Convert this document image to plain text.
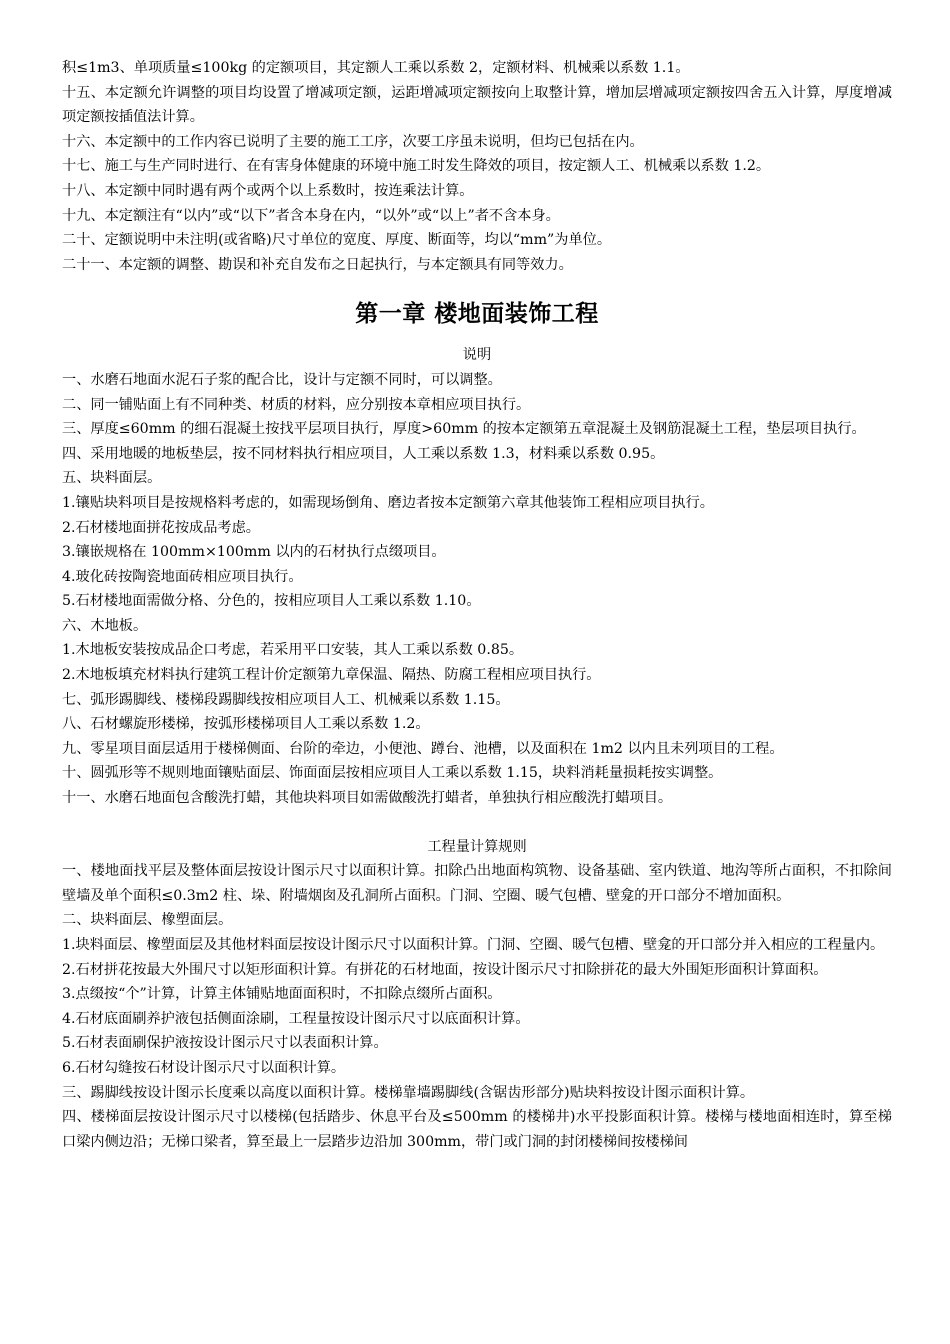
积≤1m3、单项质量≤100kg 的定额项目，其定额人工乘以系数 2，定额材料、机械乘以系数 1.1。

十五、本定额允许调整的项目均设置了增减项定额，运距增减项定额按向上取整计算，增加层增减项定额按四舍五入计算，厚度增减项定额按插值法计算。

十六、本定额中的工作内容已说明了主要的施工工序，次要工序虽未说明，但均已包括在内。

十七、施工与生产同时进行、在有害身体健康的环境中施工时发生降效的项目，按定额人工、机械乘以系数 1.2。

十八、本定额中同时遇有两个或两个以上系数时，按连乘法计算。

十九、本定额注有“以内”或“以下”者含本身在内，“以外”或“以上”者不含本身。

二十、定额说明中未注明(或省略)尺寸单位的宽度、厚度、断面等，均以“mm”为单位。

二十一、本定额的调整、勘误和补充自发布之日起执行，与本定额具有同等效力。

第一章 楼地面装饰工程

说明

一、水磨石地面水泥石子浆的配合比，设计与定额不同时，可以调整。

二、同一铺贴面上有不同种类、材质的材料，应分别按本章相应项目执行。

三、厚度≤60mm 的细石混凝土按找平层项目执行，厚度>60mm 的按本定额第五章混凝土及钢筋混凝土工程，垫层项目执行。

四、采用地暖的地板垫层，按不同材料执行相应项目，人工乘以系数 1.3，材料乘以系数 0.95。

五、块料面层。

1.镶贴块料项目是按规格料考虑的，如需现场倒角、磨边者按本定额第六章其他装饰工程相应项目执行。

2.石材楼地面拼花按成品考虑。

3.镶嵌规格在 100mm×100mm 以内的石材执行点缀项目。

4.玻化砖按陶瓷地面砖相应项目执行。

5.石材楼地面需做分格、分色的，按相应项目人工乘以系数 1.10。

六、木地板。

1.木地板安装按成品企口考虑，若采用平口安装，其人工乘以系数 0.85。

2.木地板填充材料执行建筑工程计价定额第九章保温、隔热、防腐工程相应项目执行。

七、弧形踢脚线、楼梯段踢脚线按相应项目人工、机械乘以系数 1.15。

八、石材螺旋形楼梯，按弧形楼梯项目人工乘以系数 1.2。

九、零星项目面层适用于楼梯侧面、台阶的牵边，小便池、蹲台、池槽，以及面积在 1m2 以内且未列项目的工程。

十、圆弧形等不规则地面镶贴面层、饰面面层按相应项目人工乘以系数 1.15，块料消耗量损耗按实调整。

十一、水磨石地面包含酸洗打蜡，其他块料项目如需做酸洗打蜡者，单独执行相应酸洗打蜡项目。

工程量计算规则

一、楼地面找平层及整体面层按设计图示尺寸以面积计算。扣除凸出地面构筑物、设备基础、室内铁道、地沟等所占面积，不扣除间壁墙及单个面积≤0.3m2 柱、垛、附墙烟囱及孔洞所占面积。门洞、空圈、暖气包槽、壁龛的开口部分不增加面积。

二、块料面层、橡塑面层。

1.块料面层、橡塑面层及其他材料面层按设计图示尺寸以面积计算。门洞、空圈、暖气包槽、壁龛的开口部分并入相应的工程量内。

2.石材拼花按最大外围尺寸以矩形面积计算。有拼花的石材地面，按设计图示尺寸扣除拼花的最大外围矩形面积计算面积。

3.点缀按“个”计算，计算主体铺贴地面面积时，不扣除点缀所占面积。

4.石材底面刷养护液包括侧面涂刷，工程量按设计图示尺寸以底面积计算。

5.石材表面刷保护液按设计图示尺寸以表面积计算。

6.石材勾缝按石材设计图示尺寸以面积计算。

三、踢脚线按设计图示长度乘以高度以面积计算。楼梯靠墙踢脚线(含锯齿形部分)贴块料按设计图示面积计算。

四、楼梯面层按设计图示尺寸以楼梯(包括踏步、休息平台及≤500mm 的楼梯井)水平投影面积计算。楼梯与楼地面相连时，算至梯口梁内侧边沿；无梯口梁者，算至最上一层踏步边沿加 300mm，带门或门洞的封闭楼梯间按楼梯间
